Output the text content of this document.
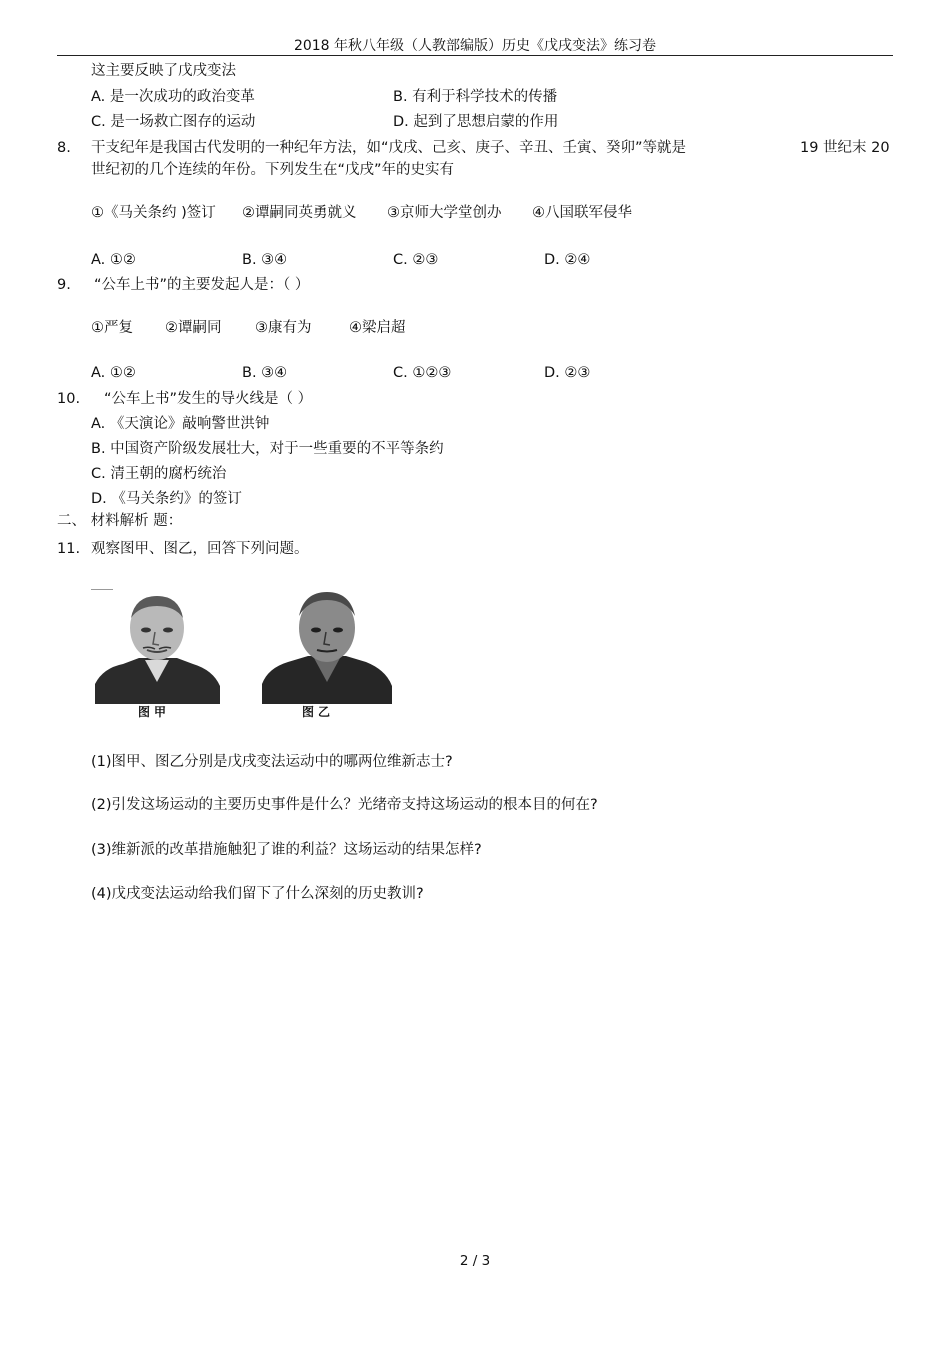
2018 年秋八年级（人教部编版）历史《戊戌变法》练习卷
这主要反映了戊戌变法
A. 是一次成功的政治变革	B. 有利于科学技术的传播
C. 是一场救亡图存的运动	D. 起到了思想启蒙的作用
8. 干支纪年是我国古代发明的一种纪年方法，如“戊戌、己亥、庚子、辛丑、壬寅、癸卯”等就是	19 世纪末 20
世纪初的几个连续的年份。下列发生在“戊戌”年的史实有
①《马关条约 )签订 ②谭嗣同英勇就义 ③京师大学堂创办 ④八国联军侵华
A. ①②	B. ③④	C. ②③	D. ②④
9. “公车上书”的主要发起人是：（ ）
①严复 ②谭嗣同 ③康有为	④梁启超
A. ①②	B. ③④	C. ①②③	D. ②③
10. “公车上书”发生的导火线是（ ）
A. 《天演论》敲响警世洪钟
B. 中国资产阶级发展壮大，对于一些重要的不平等条约
C. 清王朝的腐朽统治
D. 《马关条约》的签订
二、 材料解析 题：
11. 观察图甲、图乙，回答下列问题。
图甲	图乙
(1)图甲、图乙分别是戊戌变法运动中的哪两位维新志士?
(2)引发这场运动的主要历史事件是什么？光绪帝支持这场运动的根本目的何在?
(3)维新派的改革措施触犯了谁的利益？这场运动的结果怎样?
(4)戊戌变法运动给我们留下了什么深刻的历史教训?
2 / 3
